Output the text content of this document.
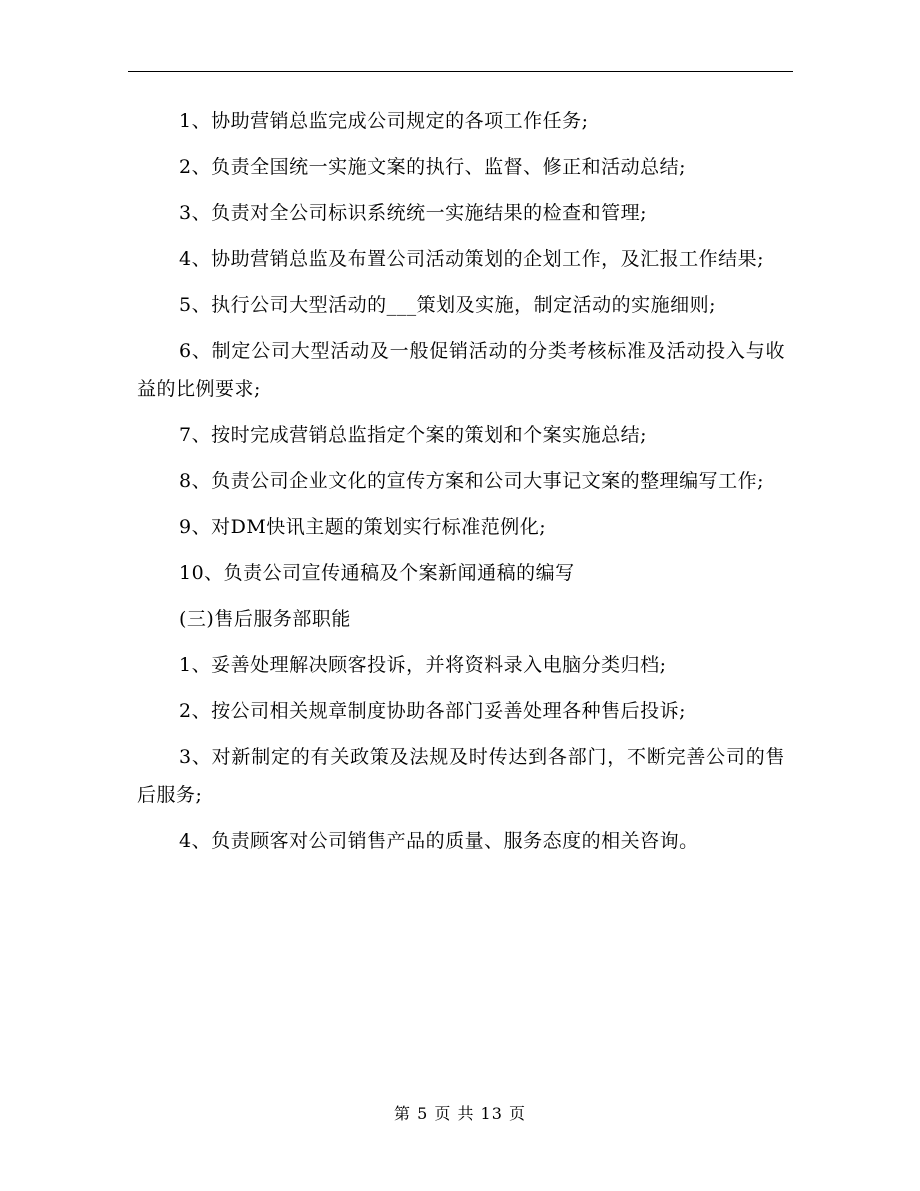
1、协助营销总监完成公司规定的各项工作任务;

2、负责全国统一实施文案的执行、监督、修正和活动总结;

3、负责对全公司标识系统统一实施结果的检查和管理;

4、协助营销总监及布置公司活动策划的企划工作，及汇报工作结果;

5、执行公司大型活动的___策划及实施，制定活动的实施细则;

6、制定公司大型活动及一般促销活动的分类考核标准及活动投入与收益的比例要求;

7、按时完成营销总监指定个案的策划和个案实施总结;

8、负责公司企业文化的宣传方案和公司大事记文案的整理编写工作;

9、对DM快讯主题的策划实行标准范例化;

10、负责公司宣传通稿及个案新闻通稿的编写

(三)售后服务部职能

1、妥善处理解决顾客投诉，并将资料录入电脑分类归档;

2、按公司相关规章制度协助各部门妥善处理各种售后投诉;

3、对新制定的有关政策及法规及时传达到各部门，不断完善公司的售后服务;

4、负责顾客对公司销售产品的质量、服务态度的相关咨询。

第 5 页 共 13 页
